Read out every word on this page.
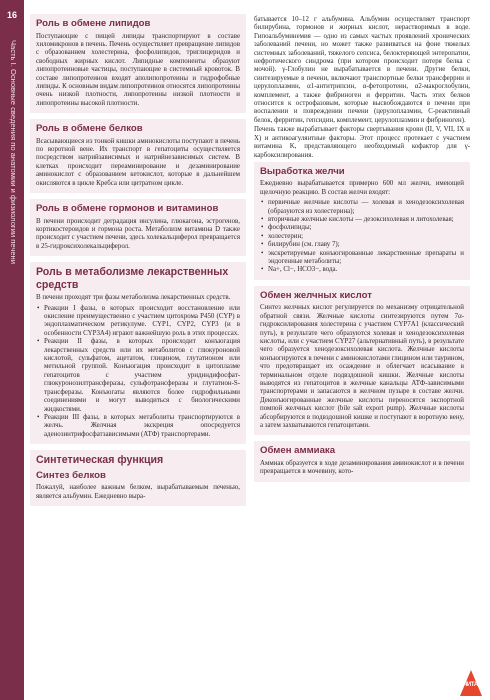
16
Часть I. Основные сведения по анатомии и физиологии печени
Роль в обмене липидов

Поступающие с пищей липиды транспортируют в составе хиломикронов в печень. Печень осуществляет превращение липидов с образованием холестерина, фосфолипидов, триглицеридов и свободных жирных кислот. Липидные компоненты образуют липопротеиновые частицы, поступающие в системный кровоток. В составе липопротеинов входят аполипопротеины и гидрофобные липиды. К основным видам липопротеинов относятся липопротеины очень низкой плотности, липопротеины низкой плотности и липопротеины высокой плотности.

Роль в обмене белков

Всасывающиеся из тонкой кишки аминокислоты поступают в печень по воротной вене. Их транспорт в гепатоциты осуществляется посредством натрийзависимых и натрийнезависимых систем. В клетках происходит переаминирование и дезаминирование аминокислот с образованием кетокислот, которые в дальнейшем окисляются в цикле Кребса или цитратном цикле.

Роль в обмене гормонов и витаминов

В печени происходит деградация инсулина, глюкагона, эстрогенов, кортикостероидов и гормона роста. Метаболизм витамина D также происходит с участием печени, здесь холекальциферол превращается в 25-гидроксихолекальциферол.

Роль в метаболизме лекарственных средств

В печени проходят три фазы метаболизма лекарственных средств.

• Реакции I фазы, в которых происходит восстановление или окисление преимущественно с участием цитохрома P450 (CYP) в эндоплазматическом ретикулуме. CYP1, CYP2, CYP3 (и в особенности CYP3A4) играют важнейшую роль в этих процессах.
• Реакции II фазы, в которых происходит конъюгация лекарственных средств или их метаболитов с глюкуроновой кислотой, сульфатом, ацетатом, глицином, глутатионом или метильной группой. Конъюгация происходит в цитоплазме гепатоцитов с участием уридиндифосфат-глюкуронозилтрансферазы, сульфотрансферазы и глутатион-S-трансферазы. Конъюгаты являются более гидрофильными соединениями и могут выводиться с биологическими жидкостями.
• Реакции III фазы, в которых метаболиты транспортируются в желчь. Желчная экскреция опосредуется аденозинтрифосфатзависимыми (АТФ) транспортерами.
Синтетическая функция
Синтез белков

Пожалуй, наиболее важным белком, вырабатываемым печенью, является альбумин. Ежедневно выра-

батывается 10–12 г альбумина. Альбумин осуществляет транспорт билирубина, гормонов и жирных кислот, нерастворимых в воде. Гипоальбуминемия — одно из самых частых проявлений хронических заболеваний печени, но может также развиваться на фоне тяжелых системных заболеваний, тяжелого сепсиса, белоктеряющей энтеропатии, нефротического синдрома (при котором происходит потеря белка с мочой). γ-Глобулин не вырабатывается в печени. Другие белки, синтезируемые в печени, включают транспортные белки трансферрин и церулоплазмин, α1-антитрипсин, α-фетопротеин, α2-макроглобулин, комплемент, а также фибриноген и ферритин. Часть этих белков относится к острофазовым, которые высвобождаются в печени при воспалении и повреждении печени (церулоплазмин, С-реактивный белок, ферритин, гепсидин, комплемент, церулоплазмин и фибриноген).

Печень также вырабатывает факторы свертывания крови (II, V, VII, IX и X) и антикоагулянтные факторы. Этот процесс протекает с участием витамина K, представляющего необходимый кофактор для γ-карбоксилирования.

Выработка желчи

Ежедневно вырабатывается примерно 600 мл желчи, имеющей щелочную реакцию. В состав желчи входят:

• первичные желчные кислоты — холевая и хенодезоксихолевая (образуются из холестерина);
• вторичные желчные кислоты — дезоксихолевая и литохолевая;
• фосфолипиды;
• холестерин;
• билирубин (см. главу 7);
• экскретируемые конъюгированные лекарственные препараты и эндогенные метаболиты;
• Na+, Cl−, HCO3−, вода.
Обмен желчных кислот

Синтез желчных кислот регулируется по механизму отрицательной обратной связи. Желчные кислоты синтезируются путем 7α-гидроксилирования холестерина с участием CYP7A1 (классический путь), в результате чего образуются холевая и хенодезоксихолевая кислоты, или с участием CYP27 (альтернативный путь), в результате чего образуется хенодезоксихолевая кислота. Желчные кислоты конъюгируются в печени с аминокислотами глицином или таурином, что предотвращает их осаждение и облегчает всасывание в терминальном отделе подвздошной кишки. Желчные кислоты выводятся из гепатоцитов в желчные канальцы АТФ-зависимыми транспортерами и запасаются в желчном пузыре в составе желчи. Деконъюгированные желчные кислоты переносятся экспортной помпой желчных кислот (bile salt export pump). Желчные кислоты абсорбируются в подвздошной кишке и поступают в воротную вену, а затем захватываются гепатоцитами.

Обмен аммиака

Аммиак образуется в ходе дезаминирования аминокислот и в печени превращается в мочевину, кото-

ЧИТАЙ
